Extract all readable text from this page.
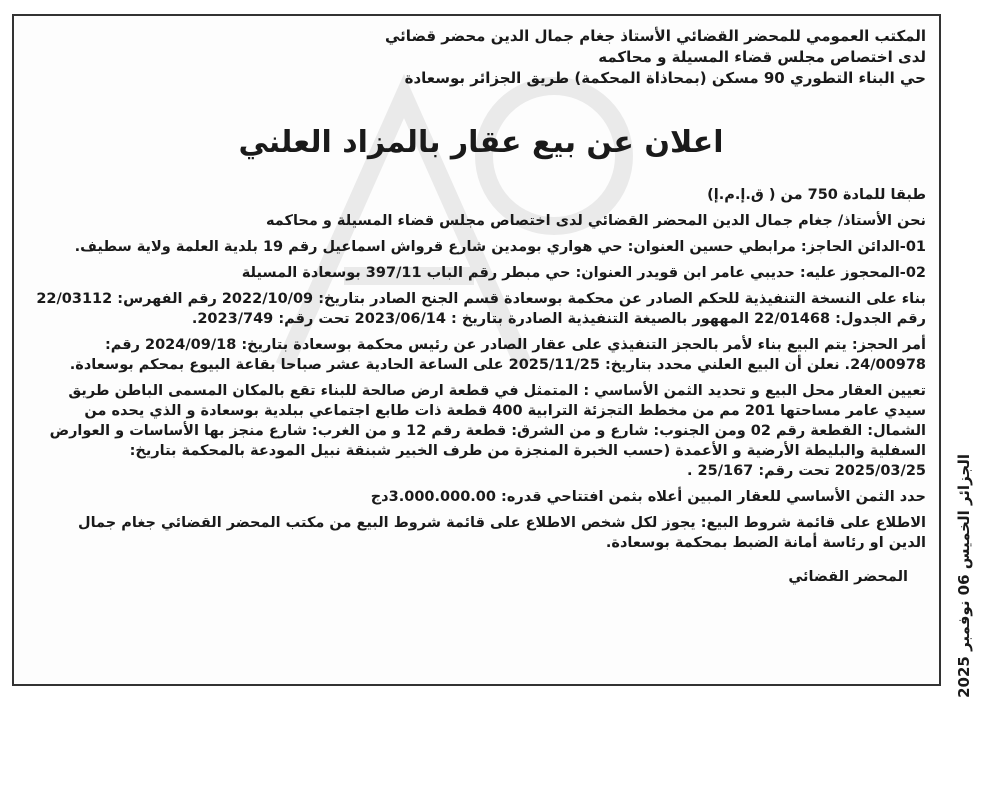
المكتب العمومي للمحضر القضائي الأستاذ جغام جمال الدين محضر قضائي
لدى اختصاص مجلس قضاء المسيلة و محاكمه
حي البناء التطوري 90 مسكن (بمحاذاة المحكمة) طريق الجزائر بوسعادة
اعلان عن بيع عقار بالمزاد العلني
طبقا للمادة 750 من ( ق.إ.م.إ)
نحن الأستاذ/ جغام جمال الدين المحضر القضائي لدى اختصاص مجلس قضاء المسيلة و محاكمه
01-الدائن الحاجز: مرابطي حسين العنوان: حي هواري بومدين شارع قرواش اسماعيل رقم 19 بلدية العلمة ولاية سطيف.
02-المحجوز عليه: حديبي عامر ابن قويدر العنوان: حي مبطر رقم الباب 397/11 بوسعادة المسيلة
بناء على النسخة التنفيذية للحكم الصادر عن محكمة بوسعادة قسم الجنح الصادر بتاريخ: 2022/10/09 رقم الفهرس: 22/03112 رقم الجدول: 22/01468 المههور بالصيغة التنفيذية الصادرة بتاريخ : 2023/06/14 تحت رقم: 2023/749.
أمر الحجز: يتم البيع بناء لأمر بالحجز التنفيذي على عقار الصادر عن رئيس محكمة بوسعادة بتاريخ: 2024/09/18 رقم: 24/00978. نعلن أن البيع العلني محدد بتاريخ: 2025/11/25 على الساعة الحادية عشر صباحا بقاعة البيوع بمحكم بوسعادة.
تعيين العقار محل البيع و تحديد الثمن الأساسي : المتمثل في قطعة ارض صالحة للبناء تقع بالمكان المسمى الباطن طريق سيدي عامر مساحتها 201 مم من مخطط التجزئة الترابية 400 قطعة ذات طابع اجتماعي ببلدية بوسعادة و الذي يحده من الشمال: القطعة رقم 02 ومن الجنوب: شارع و من الشرق: قطعة رقم 12 و من الغرب: شارع منجز بها الأساسات و العوارض السفلية والبليطة الأرضية و الأعمدة (حسب الخبرة المنجزة من طرف الخبير شبنقة نبيل المودعة بالمحكمة بتاريخ: 2025/03/25 تحت رقم: 25/167 .
حدد الثمن الأساسي للعقار المبين أعلاه بثمن افتتاحي قدره: 3.000.000.00دج
الاطلاع على قائمة شروط البيع: يجوز لكل شخص الاطلاع على قائمة شروط البيع من مكتب المحضر القضائي جغام جمال الدين او رئاسة أمانة الضبط بمحكمة بوسعادة.
المحضر القضائي
الجزائر الخميس 06 نوفمبر 2025
